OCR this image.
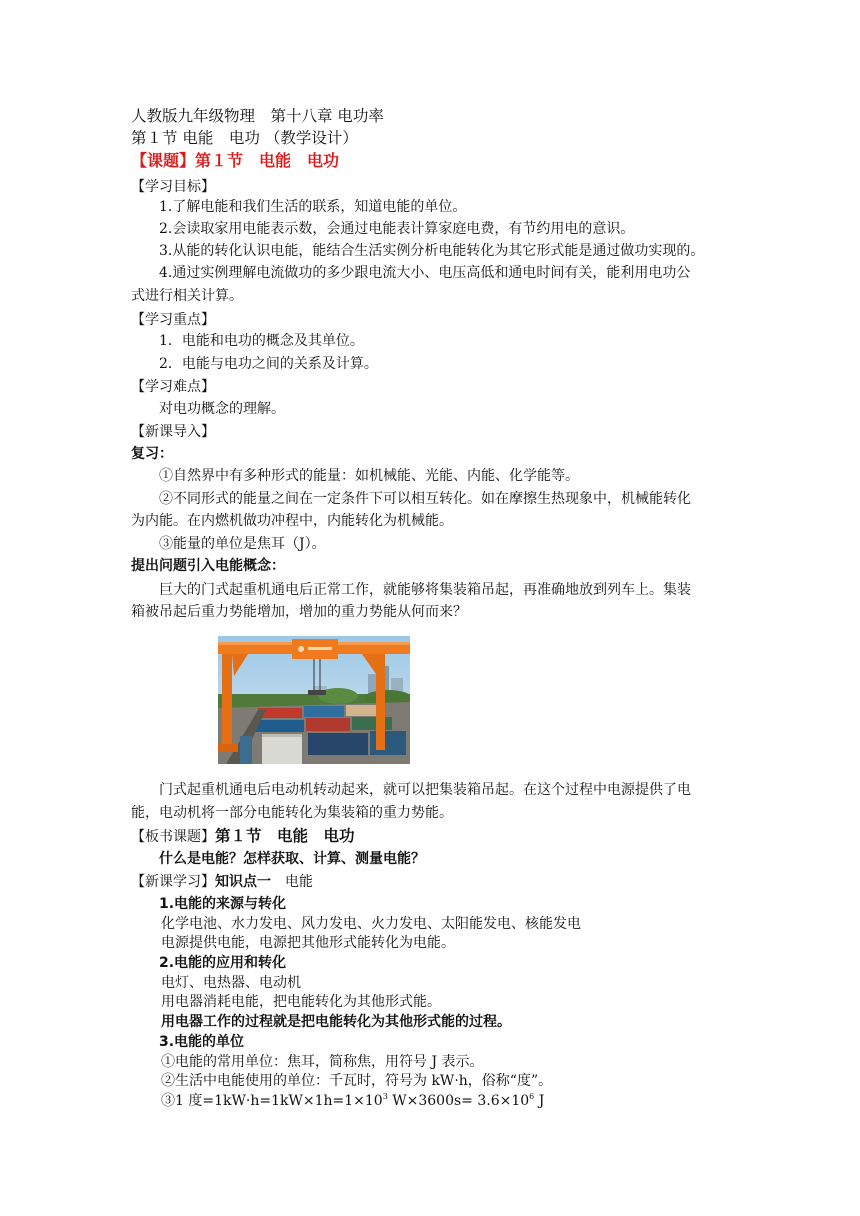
人教版九年级物理　第十八章 电功率
第１节 电能　电功 （教学设计）
【课题】第１节　电能　电功
【学习目标】
1.了解电能和我们生活的联系，知道电能的单位。
2.会读取家用电能表示数，会通过电能表计算家庭电费，有节约用电的意识。
3.从能的转化认识电能，能结合生活实例分析电能转化为其它形式能是通过做功实现的。
4.通过实例理解电流做功的多少跟电流大小、电压高低和通电时间有关，能利用电功公
式进行相关计算。
【学习重点】
1．电能和电功的概念及其单位。
2．电能与电功之间的关系及计算。
【学习难点】
对电功概念的理解。
【新课导入】
复习：
①自然界中有多种形式的能量：如机械能、光能、内能、化学能等。
②不同形式的能量之间在一定条件下可以相互转化。如在摩擦生热现象中，机械能转化
为内能。在内燃机做功冲程中，内能转化为机械能。
③能量的单位是焦耳（J）。
提出问题引入电能概念：
巨大的门式起重机通电后正常工作，就能够将集装箱吊起，再准确地放到列车上。集装
箱被吊起后重力势能增加，增加的重力势能从何而来？
门式起重机通电后电动机转动起来，就可以把集装箱吊起。在这个过程中电源提供了电
能，电动机将一部分电能转化为集装箱的重力势能。
【板书课题】第１节　电能　电功
什么是电能？怎样获取、计算、测量电能？
【新课学习】知识点一　 电能
1.电能的来源与转化
化学电池、水力发电、风力发电、火力发电、太阳能发电、核能发电
电源提供电能，电源把其他形式能转化为电能。
2.电能的应用和转化
电灯、电热器、电动机
用电器消耗电能，把电能转化为其他形式能。
用电器工作的过程就是把电能转化为其他形式能的过程。
3.电能的单位
①电能的常用单位：焦耳，简称焦，用符号 J 表示。
②生活中电能使用的单位：千瓦时，符号为 kW·h，俗称“度”。
③1 度$=1kW\cdot h=1kW\times 1h=1\times 10^3$ $W\times 3600s= 3.6\times 10^6$ J
